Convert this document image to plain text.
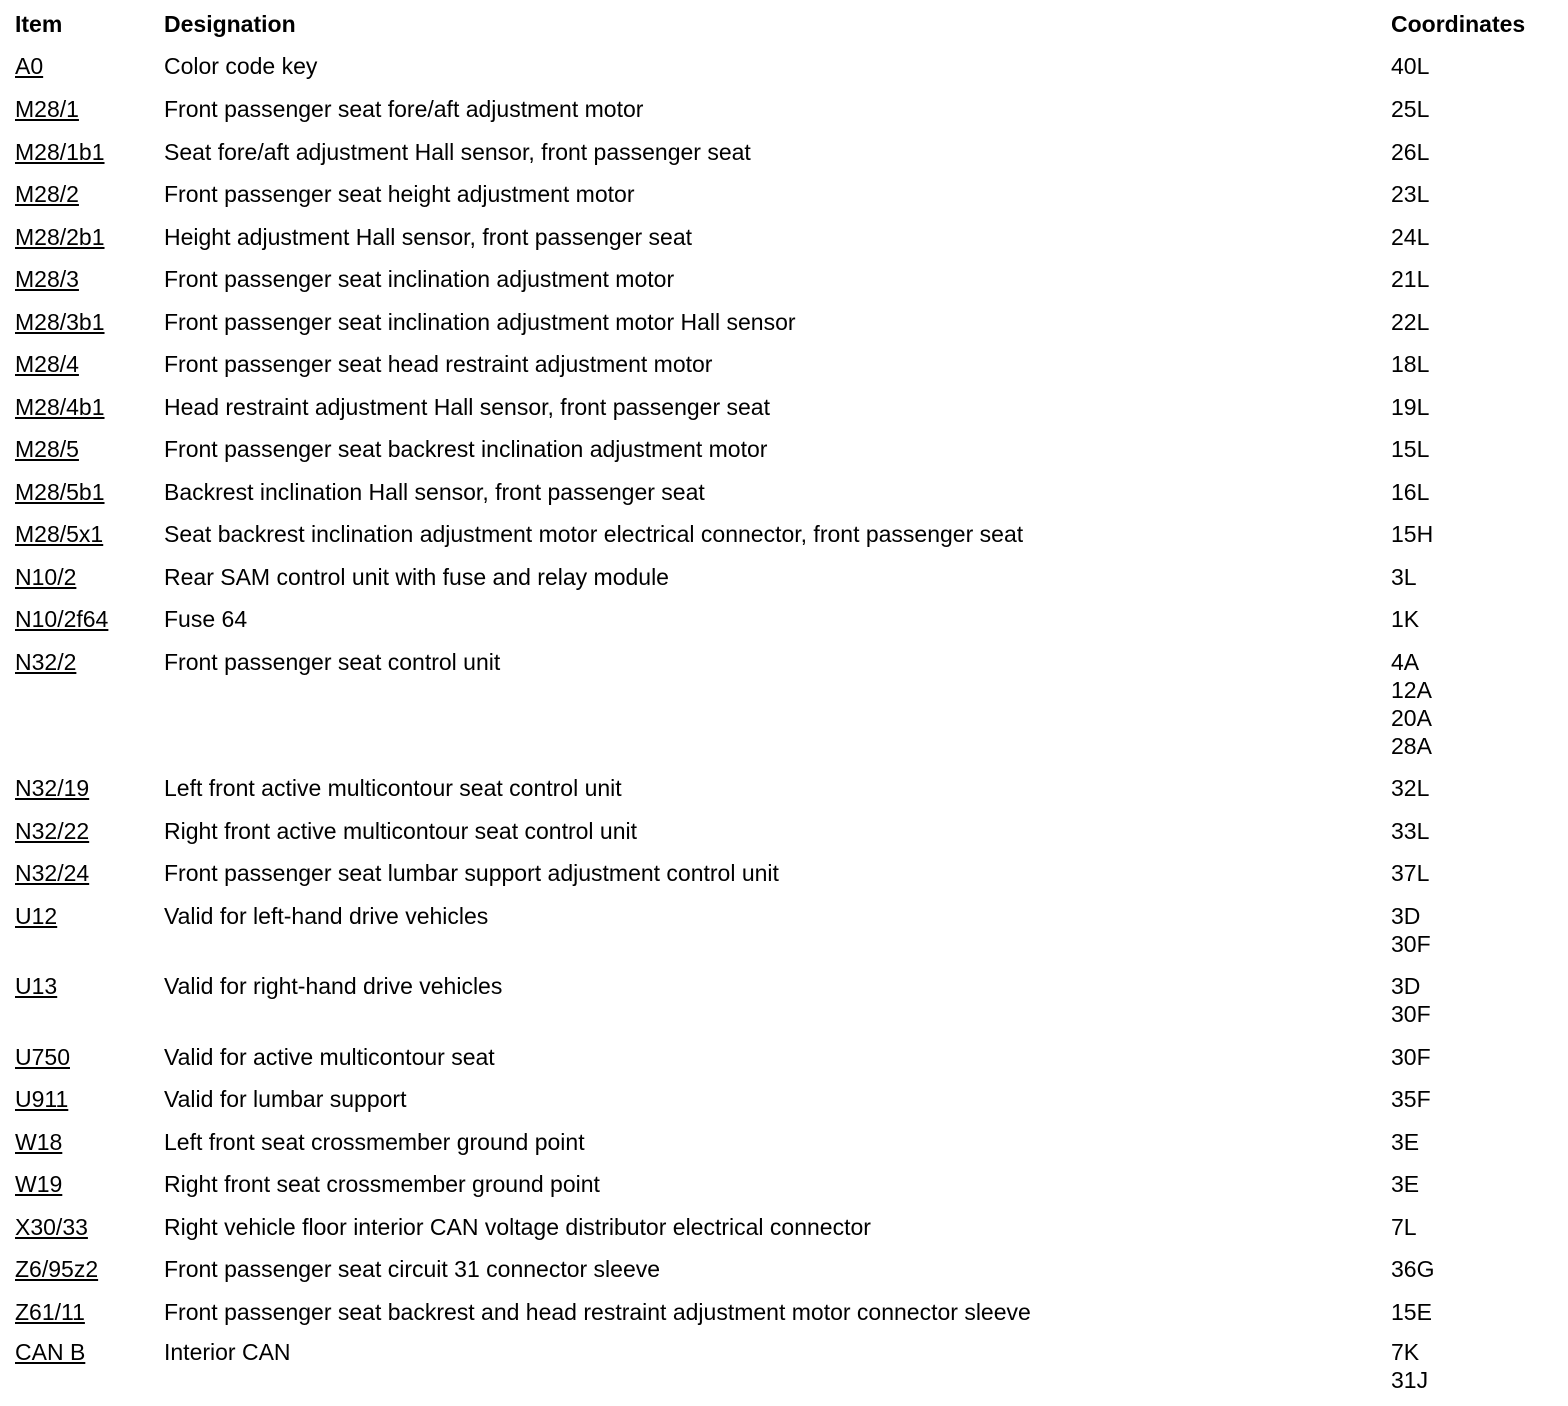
Item	Designation	Coordinates
A0	Color code key	40L
M28/1	Front passenger seat fore/aft adjustment motor	25L
M28/1b1	Seat fore/aft adjustment Hall sensor, front passenger seat	26L
M28/2	Front passenger seat height adjustment motor	23L
M28/2b1	Height adjustment Hall sensor, front passenger seat	24L
M28/3	Front passenger seat inclination adjustment motor	21L
M28/3b1	Front passenger seat inclination adjustment motor Hall sensor	22L
M28/4	Front passenger seat head restraint adjustment motor	18L
M28/4b1	Head restraint adjustment Hall sensor, front passenger seat	19L
M28/5	Front passenger seat backrest inclination adjustment motor	15L
M28/5b1	Backrest inclination Hall sensor, front passenger seat	16L
M28/5x1	Seat backrest inclination adjustment motor electrical connector, front passenger seat	15H
N10/2	Rear SAM control unit with fuse and relay module	3L
N10/2f64 Fuse 64	1K
N32/2	Front passenger seat control unit	4A
12A
20A
28A
N32/19	Left front active multicontour seat control unit	32L
N32/22	Right front active multicontour seat control unit	33L
N32/24	Front passenger seat lumbar support adjustment control unit	37L
U12	Valid for left-hand drive vehicles	3D
30F
U13	Valid for right-hand drive vehicles	3D
30F
U750	Valid for active multicontour seat	30F
U911	Valid for lumbar support	35F
W18	Left front seat crossmember ground point	3E
W19	Right front seat crossmember ground point	3E
X30/33	Right vehicle floor interior CAN voltage distributor electrical connector	7L
Z6/95z2	Front passenger seat circuit 31 connector sleeve	36G
Z61/11	Front passenger seat backrest and head restraint adjustment motor connector sleeve	15E
CAN B	Interior CAN	7K
31J
